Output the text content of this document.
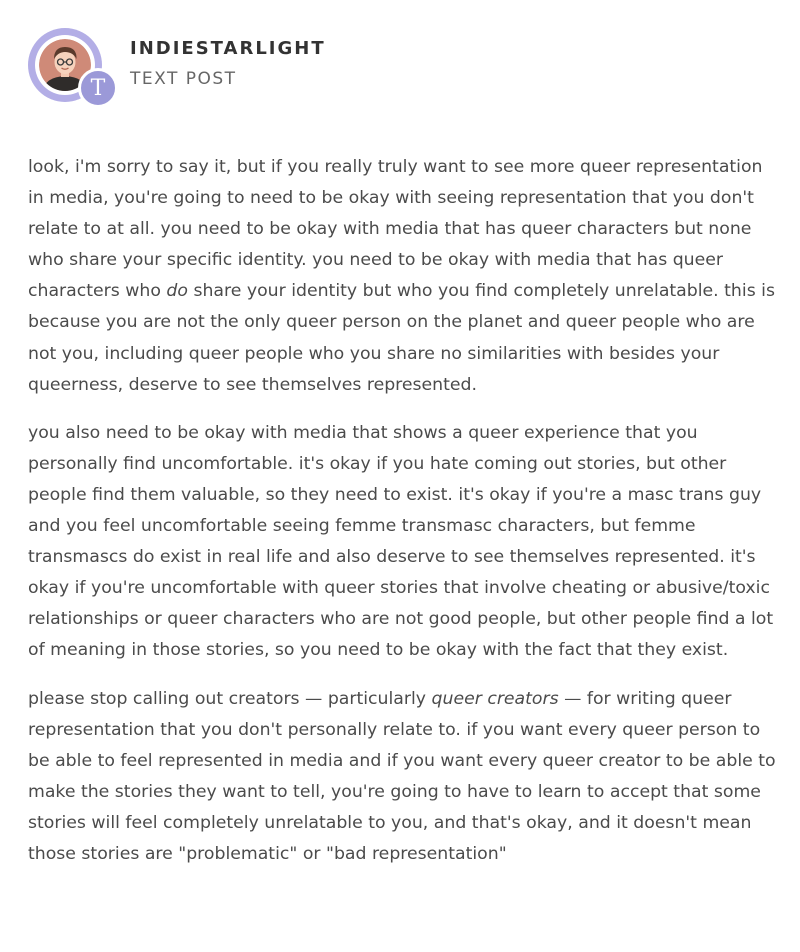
T
INDIESTARLIGHT
TEXT POST

look, i'm sorry to say it, but if you really truly want to see more queer representation in media, you're going to need to be okay with seeing representation that you don't relate to at all. you need to be okay with media that has queer characters but none who share your specific identity. you need to be okay with media that has queer characters who do share your identity but who you find completely unrelatable. this is because you are not the only queer person on the planet and queer people who are not you, including queer people who you share no similarities with besides your queerness, deserve to see themselves represented.

you also need to be okay with media that shows a queer experience that you personally find uncomfortable. it's okay if you hate coming out stories, but other people find them valuable, so they need to exist. it's okay if you're a masc trans guy and you feel uncomfortable seeing femme transmasc characters, but femme transmascs do exist in real life and also deserve to see themselves represented. it's okay if you're uncomfortable with queer stories that involve cheating or abusive/toxic relationships or queer characters who are not good people, but other people find a lot of meaning in those stories, so you need to be okay with the fact that they exist.

please stop calling out creators — particularly queer creators — for writing queer representation that you don't personally relate to. if you want every queer person to be able to feel represented in media and if you want every queer creator to be able to make the stories they want to tell, you're going to have to learn to accept that some stories will feel completely unrelatable to you, and that's okay, and it doesn't mean those stories are "problematic" or "bad representation"
